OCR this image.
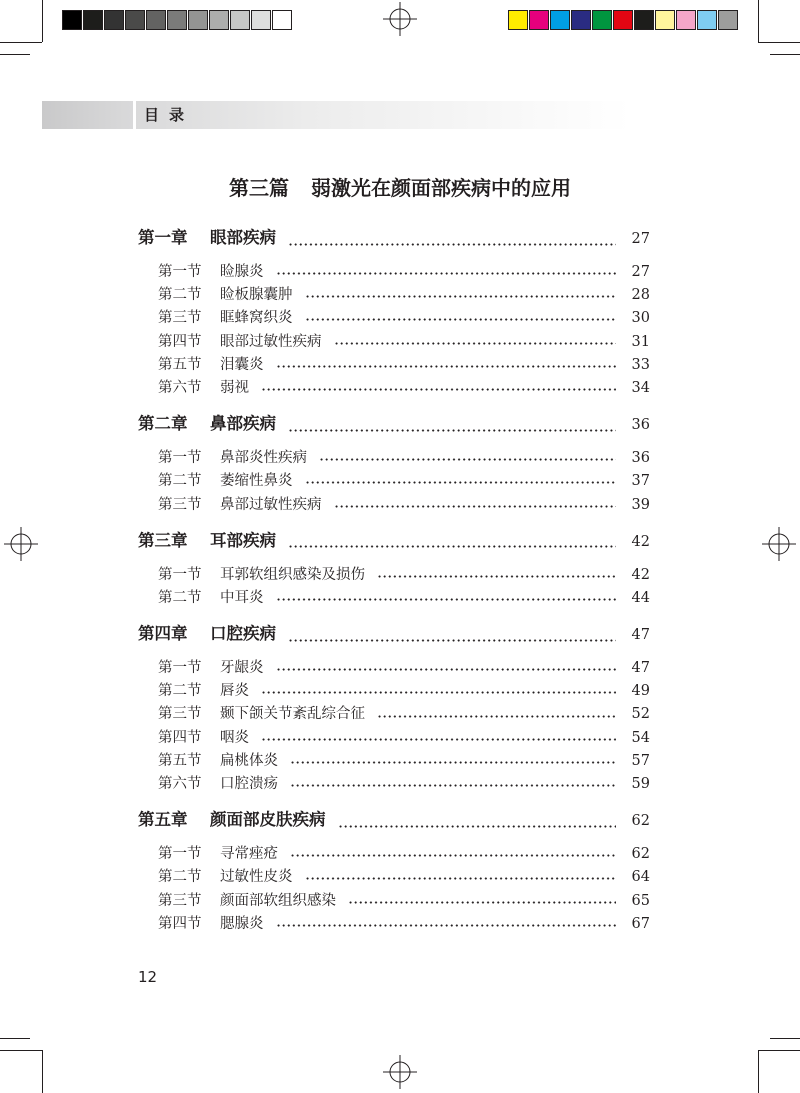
目录
第三篇 弱激光在颜面部疾病中的应用
第一章 眼部疾病	27
第一节 睑腺炎	27
第二节 睑板腺囊肿	28
第三节 眶蜂窝织炎	30
第四节 眼部过敏性疾病	31
第五节 泪囊炎	33
第六节 弱视	34
第二章 鼻部疾病	36
第一节 鼻部炎性疾病	36
第二节 萎缩性鼻炎	37
第三节 鼻部过敏性疾病	39
第三章 耳部疾病	42
第一节 耳郭软组织感染及损伤	42
第二节 中耳炎	44
第四章 口腔疾病	47
第一节 牙龈炎	47
第二节 唇炎	49
第三节 颞下颌关节紊乱综合征	52
第四节 咽炎	54
第五节 扁桃体炎	57
第六节 口腔溃疡	59
第五章 颜面部皮肤疾病	62
第一节 寻常痤疮	62
第二节 过敏性皮炎	64
第三节 颜面部软组织感染	65
第四节 腮腺炎	67
12
